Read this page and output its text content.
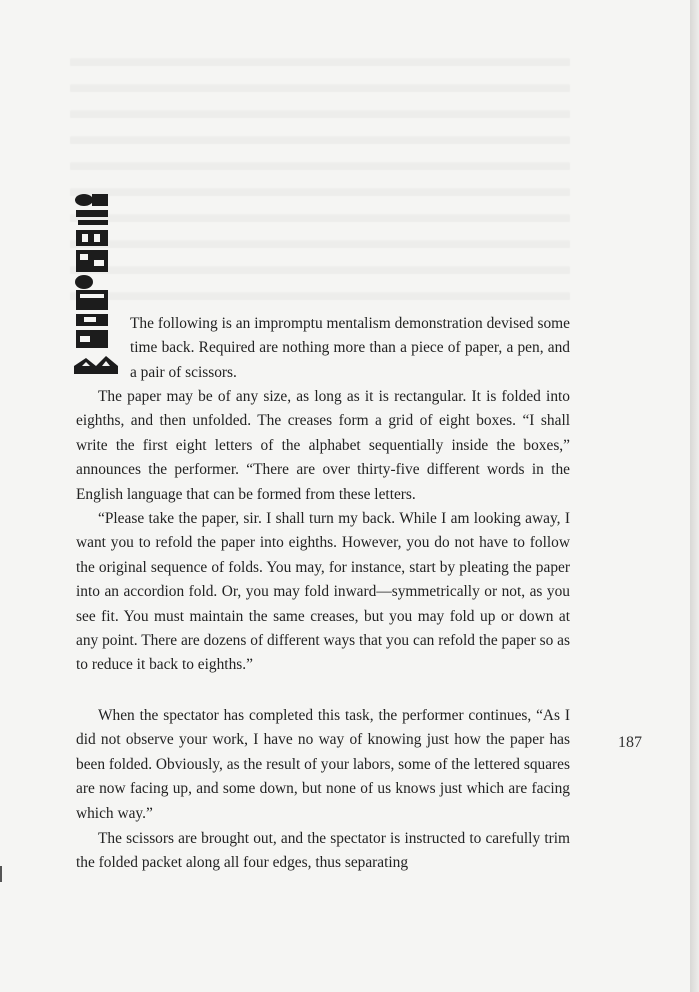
The following is an impromptu mentalism demonstration devised some time back. Required are nothing more than a piece of paper, a pen, and a pair of scissors.

The paper may be of any size, as long as it is rectangular. It is folded into eighths, and then unfolded. The creases form a grid of eight boxes. “I shall write the first eight letters of the alphabet sequentially inside the boxes,” announces the performer. “There are over thirty-five different words in the English language that can be formed from these letters.

“Please take the paper, sir. I shall turn my back. While I am looking away, I want you to refold the paper into eighths. However, you do not have to follow the original sequence of folds. You may, for instance, start by pleating the paper into an accordion fold. Or, you may fold inward—symmetrically or not, as you see fit. You must maintain the same creases, but you may fold up or down at any point. There are dozens of different ways that you can refold the paper so as to reduce it back to eighths.”

When the spectator has completed this task, the performer continues, “As I did not observe your work, I have no way of knowing just how the paper has been folded. Obviously, as the result of your labors, some of the lettered squares are now facing up, and some down, but none of us knows just which are facing which way.”

The scissors are brought out, and the spectator is instructed to carefully trim the folded packet along all four edges, thus separating

187
